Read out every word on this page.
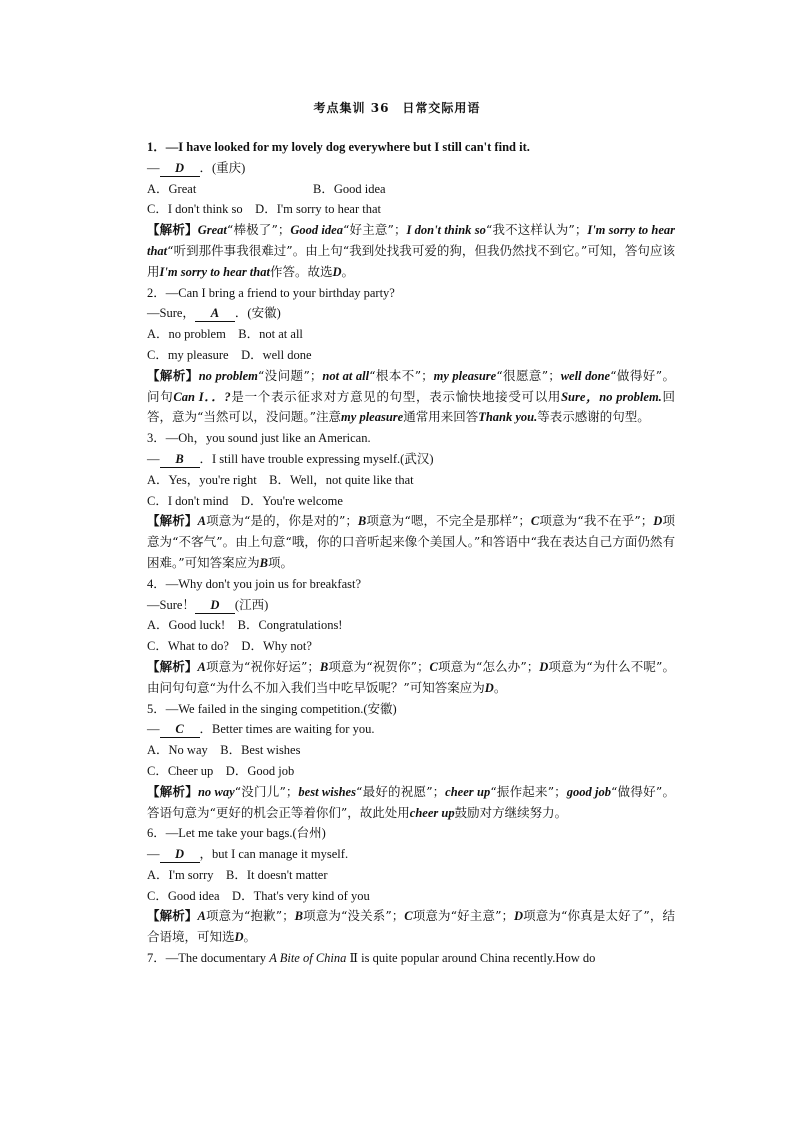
考点集训 36　日常交际用语
1．—I have looked for my lovely dog everywhere but I still can't find it.
— D ．(重庆)
A．Great	B．Good idea
C．I don't think so　D．I'm sorry to hear that
【解析】Great“棒极了”；Good idea“好主意”；I don't think so“我不这样认为”；I'm sorry to hear that“听到那件事我很难过”。由上句“我到处找我可爱的狗，但我仍然找不到它。”可知，答句应该用I'm sorry to hear that作答。故选D。
2．—Can I bring a friend to your birthday party?
—Sure， A ．(安徽)
A．no problem　B．not at all
C．my pleasure　D．well done
【解析】no problem“没问题”；not at all“根本不”；my pleasure“很愿意”；well done“做得好”。问句Can I．．?是一个表示征求对方意见的句型，表示愉快地接受可以用Sure，no problem.回答，意为“当然可以，没问题。”注意my pleasure通常用来回答Thank you.等表示感谢的句型。
3．—Oh，you sound just like an American.
— B ．I still have trouble expressing myself.(武汉)
A．Yes，you're right　B．Well，not quite like that
C．I don't mind　D．You're welcome
【解析】A项意为“是的，你是对的”；B项意为“嗯，不完全是那样”；C项意为“我不在乎”；D项意为“不客气”。由上句意“哦，你的口音听起来像个美国人。”和答语中“我在表达自己方面仍然有困难。”可知答案应为B项。
4．—Why don't you join us for breakfast?
—Sure！ D (江西)
A．Good luck!　B．Congratulations!
C．What to do?　D．Why not?
【解析】A项意为“祝你好运”；B项意为“祝贺你”；C项意为“怎么办”；D项意为“为什么不呢”。由问句句意“为什么不加入我们当中吃早饭呢？”可知答案应为D。
5．—We failed in the singing competition.(安徽)
— C ．Better times are waiting for you.
A．No way　B．Best wishes
C．Cheer up　D．Good job
【解析】no way“没门儿”；best wishes“最好的祝愿”；cheer up“振作起来”；good job“做得好”。答语句意为“更好的机会正等着你们”，故此处用cheer up鼓励对方继续努力。
6．—Let me take your bags.(台州)
— D ，but I can manage it myself.
A．I'm sorry　B．It doesn't matter
C．Good idea　D．That's very kind of you
【解析】A项意为“抱歉”；B项意为“没关系”；C项意为“好主意”；D项意为“你真是太好了”，结合语境，可知选D。
7．—The documentary A Bite of China Ⅱ is quite popular around China recently.How do
